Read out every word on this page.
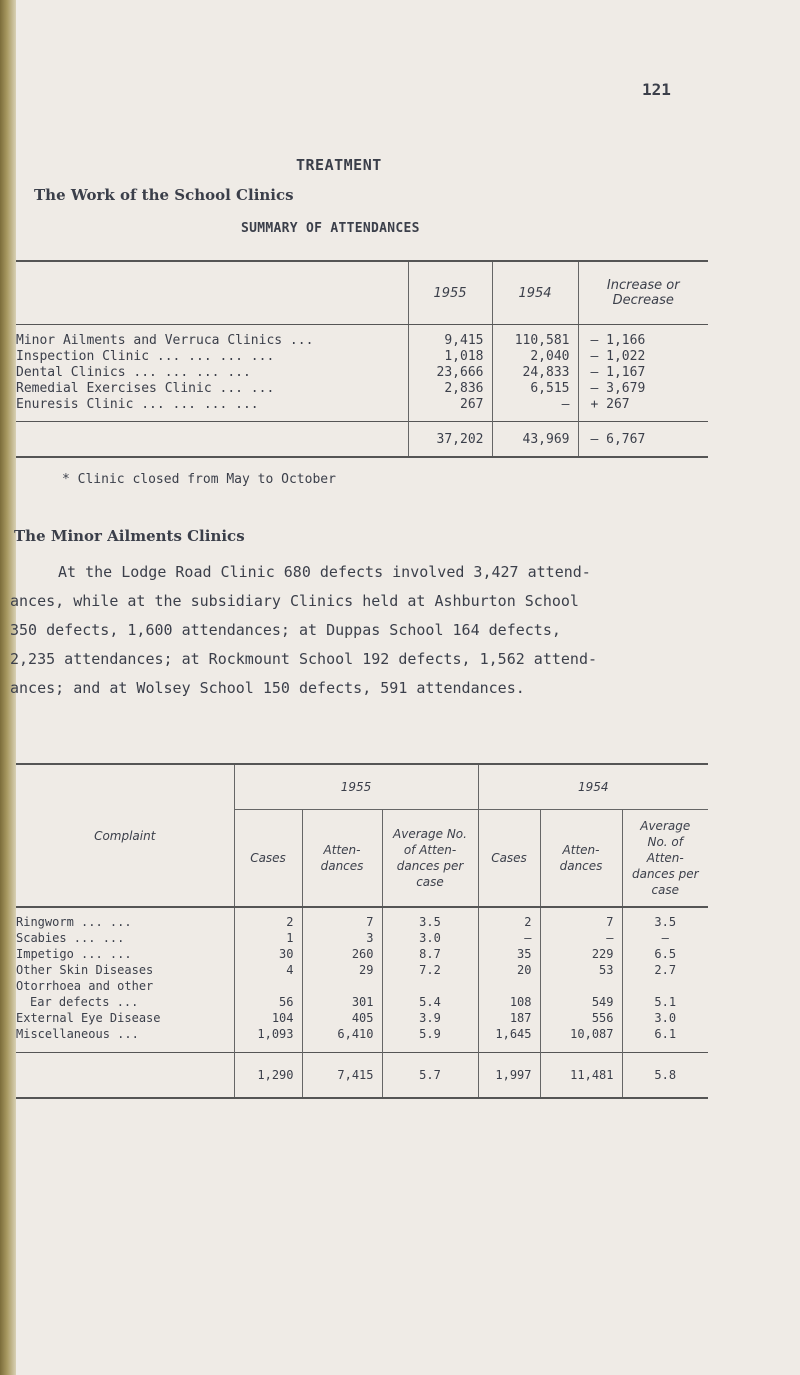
121
TREATMENT
The Work of the School Clinics
SUMMARY OF ATTENDANCES
	1955	1954	Increase or Decrease
Minor Ailments and Verruca Clinics ...	9,415	110,581	– 1,166
Inspection Clinic ... ... ... ...	1,018	2,040	– 1,022
Dental Clinics ... ... ... ...	23,666	24,833	– 1,167
Remedial Exercises Clinic ... ...	2,836	6,515	– 3,679
Enuresis Clinic ... ... ... ...	267	–	+ 267
	37,202	43,969	– 6,767
* Clinic closed from May to October
The Minor Ailments Clinics
At the Lodge Road Clinic 680 defects involved 3,427 attend-
ances, while at the subsidiary Clinics held at Ashburton School
350 defects, 1,600 attendances; at Duppas School 164 defects,
2,235 attendances; at Rockmount School 192 defects, 1,562 attend-
ances; and at Wolsey School 150 defects, 591 attendances.
Complaint	1955			1954		
	Cases	Atten- dances	Average No. of Atten- dances per case	Cases	Atten- dances	Average No. of Atten- dances per case
Ringworm ... ...	2	7	3.5	2	7	3.5
Scabies ... ...	1	3	3.0	–	–	–
Impetigo ... ...	30	260	8.7	35	229	6.5
Other Skin Diseases	4	29	7.2	20	53	2.7
Otorrhoea and other						
Ear defects ...	56	301	5.4	108	549	5.1
External Eye Disease	104	405	3.9	187	556	3.0
Miscellaneous ...	1,093	6,410	5.9	1,645	10,087	6.1
	1,290	7,415	5.7	1,997	11,481	5.8
